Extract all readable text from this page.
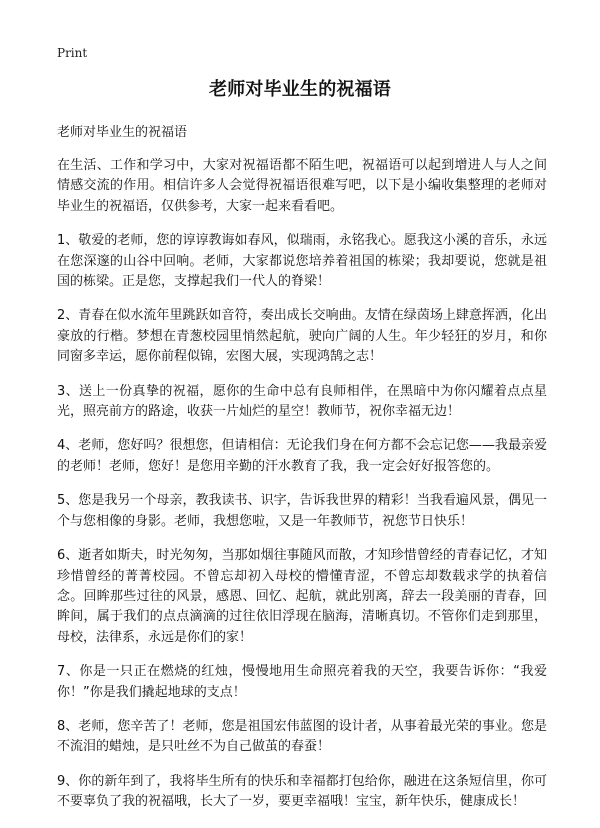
Print
老师对毕业生的祝福语
老师对毕业生的祝福语

在生活、工作和学习中，大家对祝福语都不陌生吧，祝福语可以起到增进人与人之间情感交流的作用。相信许多人会觉得祝福语很难写吧，以下是小编收集整理的老师对毕业生的祝福语，仅供参考，大家一起来看看吧。

1、敬爱的老师，您的谆谆教诲如春风，似瑞雨，永铭我心。愿我这小溪的音乐，永远在您深邃的山谷中回响。老师，大家都说您培养着祖国的栋梁；我却要说，您就是祖国的栋梁。正是您，支撑起我们一代人的脊梁！

2、青春在似水流年里跳跃如音符，奏出成长交响曲。友情在绿茵场上肆意挥洒，化出豪放的行楷。梦想在青葱校园里悄然起航，驶向广阔的人生。年少轻狂的岁月，和你同窗多幸运，愿你前程似锦，宏图大展，实现鸿鹄之志！

3、送上一份真挚的祝福，愿你的生命中总有良师相伴，在黑暗中为你闪耀着点点星光，照亮前方的路途，收获一片灿烂的星空！教师节，祝你幸福无边！

4、老师，您好吗？很想您，但请相信：无论我们身在何方都不会忘记您——我最亲爱的老师！老师，您好！是您用辛勤的汗水教育了我，我一定会好好报答您的。

5、您是我另一个母亲，教我读书、识字，告诉我世界的精彩！当我看遍风景，偶见一个与您相像的身影。老师，我想您啦，又是一年教师节，祝您节日快乐！

6、逝者如斯夫，时光匆匆，当那如烟往事随风而散，才知珍惜曾经的青春记忆，才知珍惜曾经的菁菁校园。不曾忘却初入母校的懵懂青涩，不曾忘却数载求学的执着信念。回眸那些过往的风景，感恩、回忆、起航，就此别离，辞去一段美丽的青春，回眸间，属于我们的点点滴滴的过往依旧浮现在脑海，清晰真切。不管你们走到那里，母校，法律系，永远是你们的家！

7、你是一只正在燃烧的红烛，慢慢地用生命照亮着我的天空，我要告诉你：“我爱你！”你是我们撬起地球的支点！

8、老师，您辛苦了！老师，您是祖国宏伟蓝图的设计者，从事着最光荣的事业。您是不流泪的蜡烛，是只吐丝不为自己做茧的春蚕！

9、你的新年到了，我将毕生所有的快乐和幸福都打包给你，融进在这条短信里，你可不要辜负了我的祝福哦，长大了一岁，要更幸福哦！宝宝，新年快乐，健康成长！
